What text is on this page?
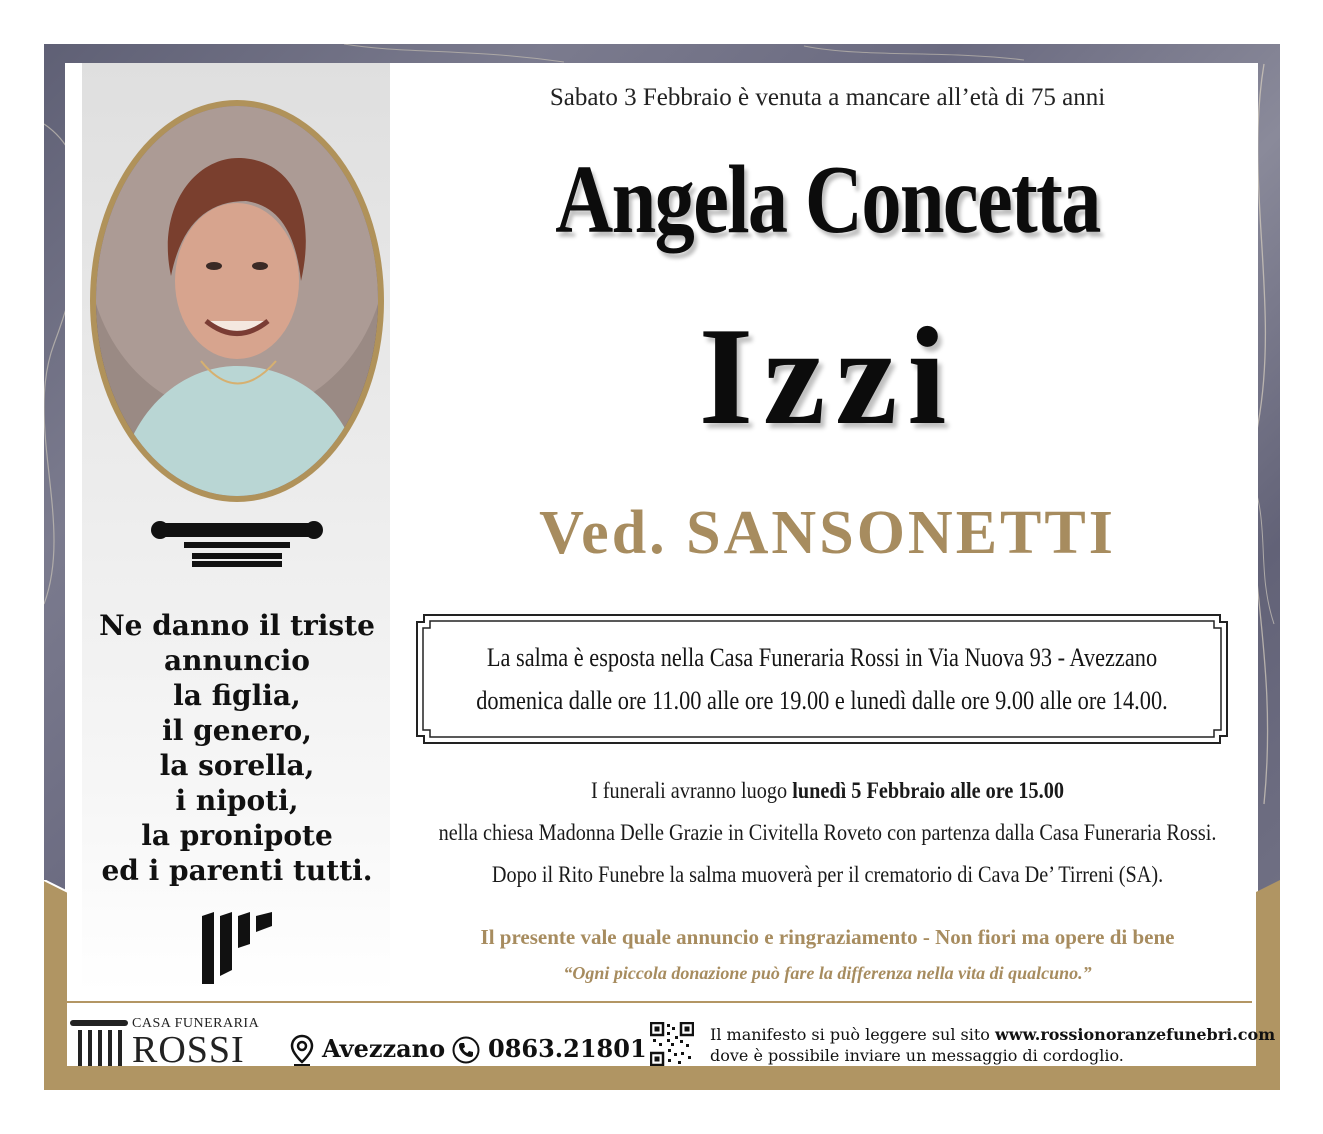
Ne danno il triste
annuncio
la figlia,
il genero,
la sorella,
i nipoti,
la pronipote
ed i parenti tutti.
Sabato 3 Febbraio è venuta a mancare all’età di 75 anni
Angela Concetta
Izzi
Ved. SANSONETTI
La salma è esposta nella Casa Funeraria Rossi in Via Nuova 93 - Avezzano
domenica dalle ore 11.00 alle ore 19.00 e lunedì dalle ore 9.00 alle ore 14.00.
I funerali avranno luogo lunedì 5 Febbraio alle ore 15.00
nella chiesa Madonna Delle Grazie in Civitella Roveto con partenza dalla Casa Funeraria Rossi.
Dopo il Rito Funebre la salma muoverà per il crematorio di Cava De’ Tirreni (SA).
Il presente vale quale annuncio e ringraziamento - Non fiori ma opere di bene
“Ogni piccola donazione può fare la differenza nella vita di qualcuno.”
CASA FUNERARIA
ROSSI	Avezzano 0863.21801	Il manifesto si può leggere sul sito www.rossionoranzefunebri.com
dove è possibile inviare un messaggio di cordoglio.
